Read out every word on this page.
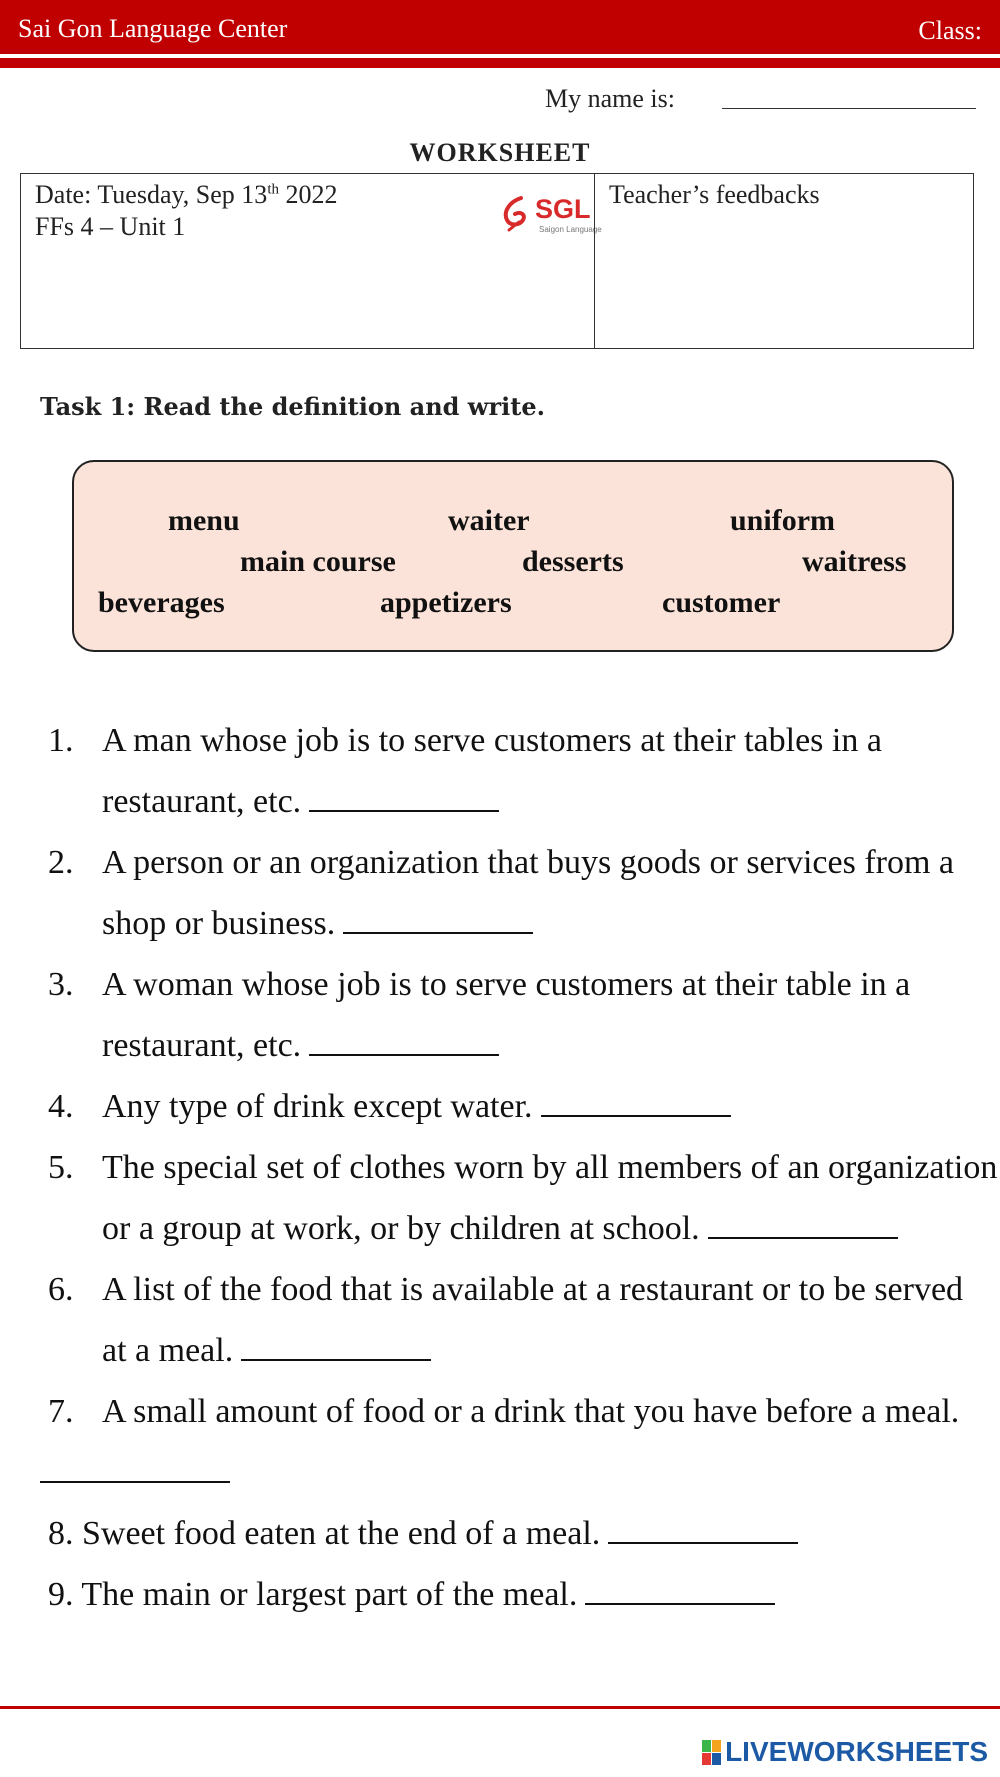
Sai Gon Language Center	Class:
My name is:
WORKSHEET
Date: Tuesday, Sep 13th 2022
FFs 4 – Unit 1
SGL
Saigon Language
Teacher’s feedbacks
Task 1: Read the definition and write.
menu	waiter	uniform
main course	desserts	waitress
beverages	appetizers	customer
1. A man whose job is to serve customers at their tables in a
restaurant, etc.
2. A person or an organization that buys goods or services from a
shop or business.
3. A woman whose job is to serve customers at their table in a
restaurant, etc.
4. Any type of drink except water.
5. The special set of clothes worn by all members of an organization
or a group at work, or by children at school.
6. A list of the food that is available at a restaurant or to be served
at a meal.
7. A small amount of food or a drink that you have before a meal.
8. Sweet food eaten at the end of a meal.
9. The main or largest part of the meal.
LIVEWORKSHEETS
